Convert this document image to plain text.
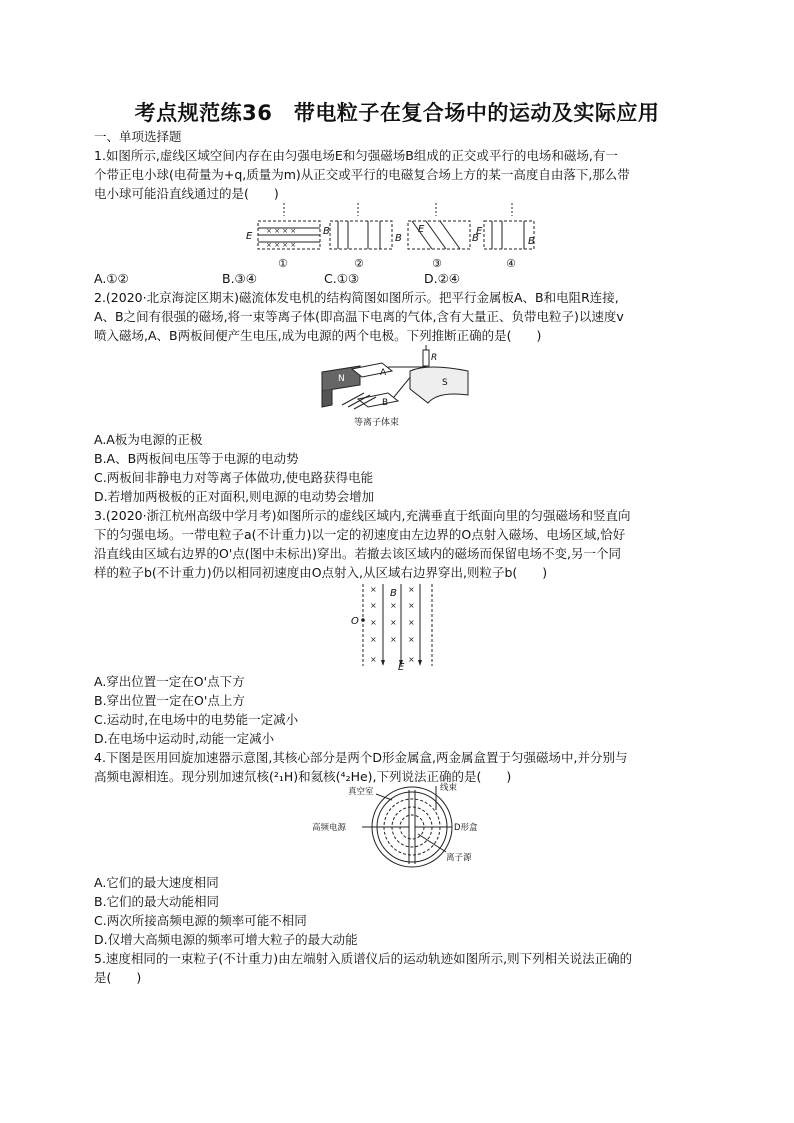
考点规范练36　带电粒子在复合场中的运动及实际应用
一、单项选择题
1.如图所示,虚线区域空间内存在由匀强电场E和匀强磁场B组成的正交或平行的电场和磁场,有一
个带正电小球(电荷量为+q,质量为m)从正交或平行的电磁复合场上方的某一高度自由落下,那么带
电小球可能沿直线通过的是(　　)
× × × ×
× × × ×
E	B
B
E
B
E
B
①	②	③	④
A.①②	B.③④	C.①③	D.②④
2.(2020·北京海淀区期末)磁流体发电机的结构简图如图所示。把平行金属板A、B和电阻R连接,
A、B之间有很强的磁场,将一束等离子体(即高温下电离的气体,含有大量正、负带电粒子)以速度v
喷入磁场,A、B两板间便产生电压,成为电源的两个电极。下列推断正确的是(　　)
N
A
B
R
S
等离子体束
A.A板为电源的正极
B.A、B两板间电压等于电源的电动势
C.两板间非静电力对等离子体做功,使电路获得电能
D.若增加两极板的正对面积,则电源的电动势会增加
3.(2020·浙江杭州高级中学月考)如图所示的虚线区域内,充满垂直于纸面向里的匀强磁场和竖直向
下的匀强电场。一带电粒子a(不计重力)以一定的初速度由左边界的O点射入磁场、电场区域,恰好
沿直线由区域右边界的O'点(图中未标出)穿出。若撤去该区域内的磁场而保留电场不变,另一个同
样的粒子b(不计重力)仍以相同初速度由O点射入,从区域右边界穿出,则粒子b(　　)
×
×
×
×
×
×
×
×
×
×
×
×
×
O
B
E
A.穿出位置一定在O'点下方
B.穿出位置一定在O'点上方
C.运动时,在电场中的电势能一定减小
D.在电场中运动时,动能一定减小
4.下图是医用回旋加速器示意图,其核心部分是两个D形金属盒,两金属盒置于匀强磁场中,并分别与
高频电源相连。现分别加速氘核(²₁H)和氦核(⁴₂He),下列说法正确的是(　　)
真空室	线束
高频电源	D形盒
离子源
A.它们的最大速度相同
B.它们的最大动能相同
C.两次所接高频电源的频率可能不相同
D.仅增大高频电源的频率可增大粒子的最大动能
5.速度相同的一束粒子(不计重力)由左端射入质谱仪后的运动轨迹如图所示,则下列相关说法正确的
是(　　)
